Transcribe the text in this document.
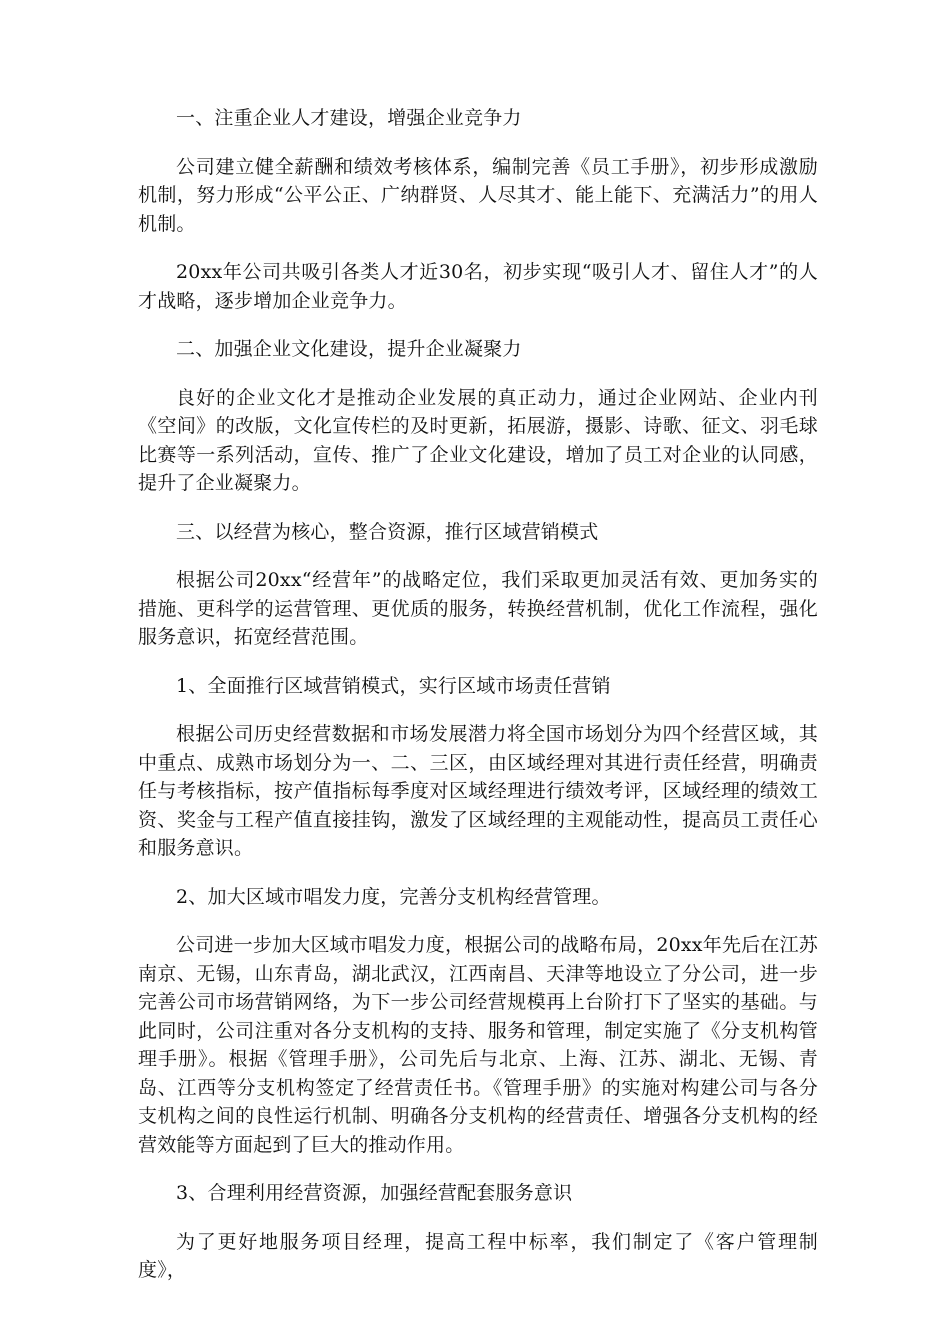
一、注重企业人才建设，增强企业竞争力

公司建立健全薪酬和绩效考核体系，编制完善《员工手册》，初步形成激励机制，努力形成“公平公正、广纳群贤、人尽其才、能上能下、充满活力”的用人机制。

20xx年公司共吸引各类人才近30名，初步实现“吸引人才、留住人才”的人才战略，逐步增加企业竞争力。

二、加强企业文化建设，提升企业凝聚力

良好的企业文化才是推动企业发展的真正动力，通过企业网站、企业内刊《空间》的改版，文化宣传栏的及时更新，拓展游，摄影、诗歌、征文、羽毛球比赛等一系列活动，宣传、推广了企业文化建设，增加了员工对企业的认同感，提升了企业凝聚力。

三、以经营为核心，整合资源，推行区域营销模式

根据公司20xx“经营年”的战略定位，我们采取更加灵活有效、更加务实的措施、更科学的运营管理、更优质的服务，转换经营机制，优化工作流程，强化服务意识，拓宽经营范围。

1、全面推行区域营销模式，实行区域市场责任营销

根据公司历史经营数据和市场发展潜力将全国市场划分为四个经营区域，其中重点、成熟市场划分为一、二、三区，由区域经理对其进行责任经营，明确责任与考核指标，按产值指标每季度对区域经理进行绩效考评，区域经理的绩效工资、奖金与工程产值直接挂钩，激发了区域经理的主观能动性，提高员工责任心和服务意识。

2、加大区域市唱发力度，完善分支机构经营管理。

公司进一步加大区域市唱发力度，根据公司的战略布局，20xx年先后在江苏南京、无锡，山东青岛，湖北武汉，江西南昌、天津等地设立了分公司，进一步完善公司市场营销网络，为下一步公司经营规模再上台阶打下了坚实的基础。与此同时，公司注重对各分支机构的支持、服务和管理，制定实施了《分支机构管理手册》。根据《管理手册》，公司先后与北京、上海、江苏、湖北、无锡、青岛、江西等分支机构签定了经营责任书。《管理手册》的实施对构建公司与各分支机构之间的良性运行机制、明确各分支机构的经营责任、增强各分支机构的经营效能等方面起到了巨大的推动作用。

3、合理利用经营资源，加强经营配套服务意识

为了更好地服务项目经理，提高工程中标率，我们制定了《客户管理制度》，
